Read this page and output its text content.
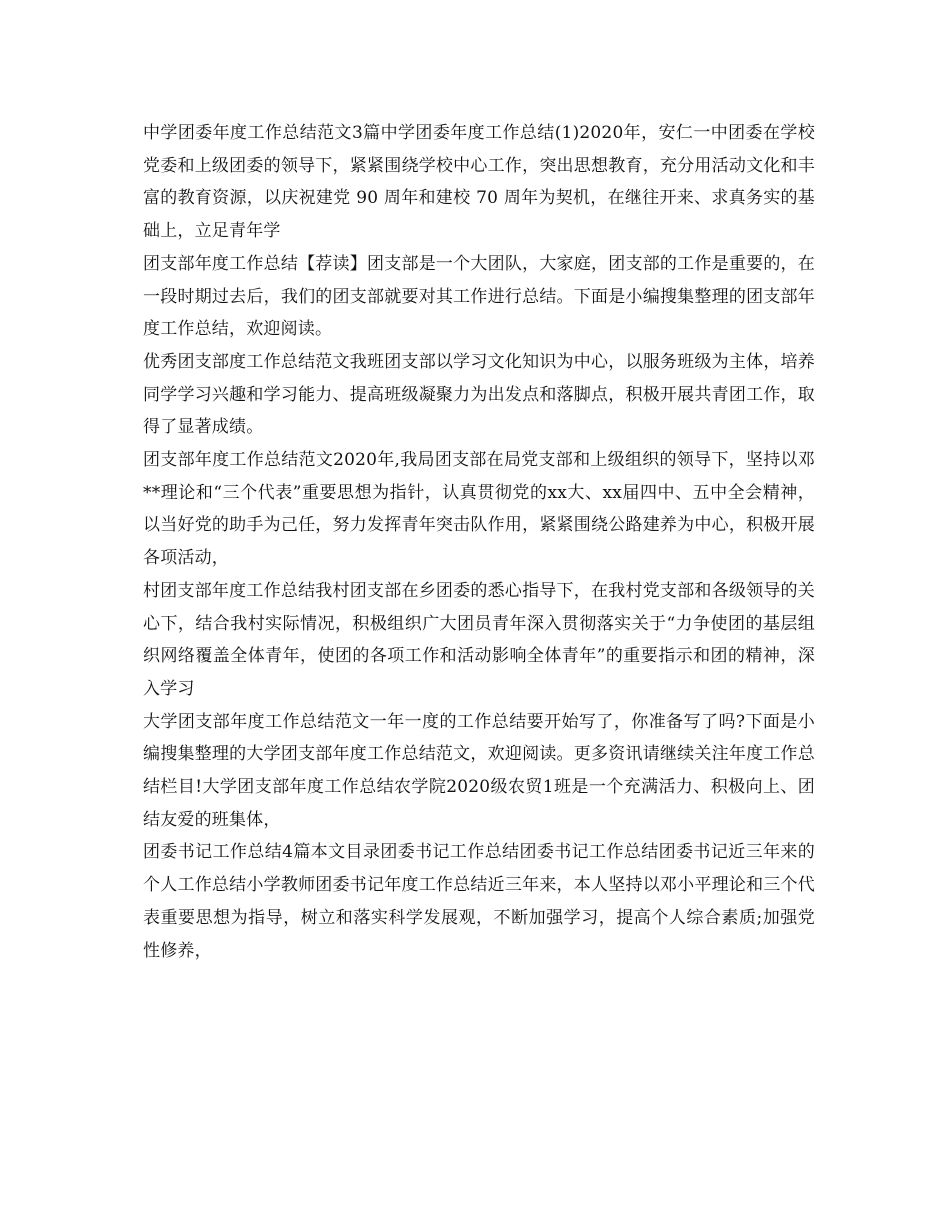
中学团委年度工作总结范文3篇中学团委年度工作总结(1)2020年，安仁一中团委在学校党委和上级团委的领导下，紧紧围绕学校中心工作，突出思想教育，充分用活动文化和丰富的教育资源，以庆祝建党 90 周年和建校 70 周年为契机，在继往开来、求真务实的基础上，立足青年学

团支部年度工作总结【荐读】团支部是一个大团队，大家庭，团支部的工作是重要的，在一段时期过去后，我们的团支部就要对其工作进行总结。下面是小编搜集整理的团支部年度工作总结，欢迎阅读。

优秀团支部度工作总结范文我班团支部以学习文化知识为中心，以服务班级为主体，培养同学学习兴趣和学习能力、提高班级凝聚力为出发点和落脚点，积极开展共青团工作，取得了显著成绩。

团支部年度工作总结范文2020年,我局团支部在局党支部和上级组织的领导下，坚持以邓**理论和“三个代表”重要思想为指针，认真贯彻党的xx大、xx届四中、五中全会精神，以当好党的助手为己任，努力发挥青年突击队作用，紧紧围绕公路建养为中心，积极开展各项活动，

村团支部年度工作总结我村团支部在乡团委的悉心指导下，在我村党支部和各级领导的关心下，结合我村实际情况，积极组织广大团员青年深入贯彻落实关于“力争使团的基层组织网络覆盖全体青年，使团的各项工作和活动影响全体青年”的重要指示和团的精神，深入学习

大学团支部年度工作总结范文一年一度的工作总结要开始写了，你准备写了吗?下面是小编搜集整理的大学团支部年度工作总结范文，欢迎阅读。更多资讯请继续关注年度工作总结栏目!大学团支部年度工作总结农学院2020级农贸1班是一个充满活力、积极向上、团结友爱的班集体，

团委书记工作总结4篇本文目录团委书记工作总结团委书记工作总结团委书记近三年来的个人工作总结小学教师团委书记年度工作总结近三年来，本人坚持以邓小平理论和三个代表重要思想为指导，树立和落实科学发展观，不断加强学习，提高个人综合素质;加强党性修养，
